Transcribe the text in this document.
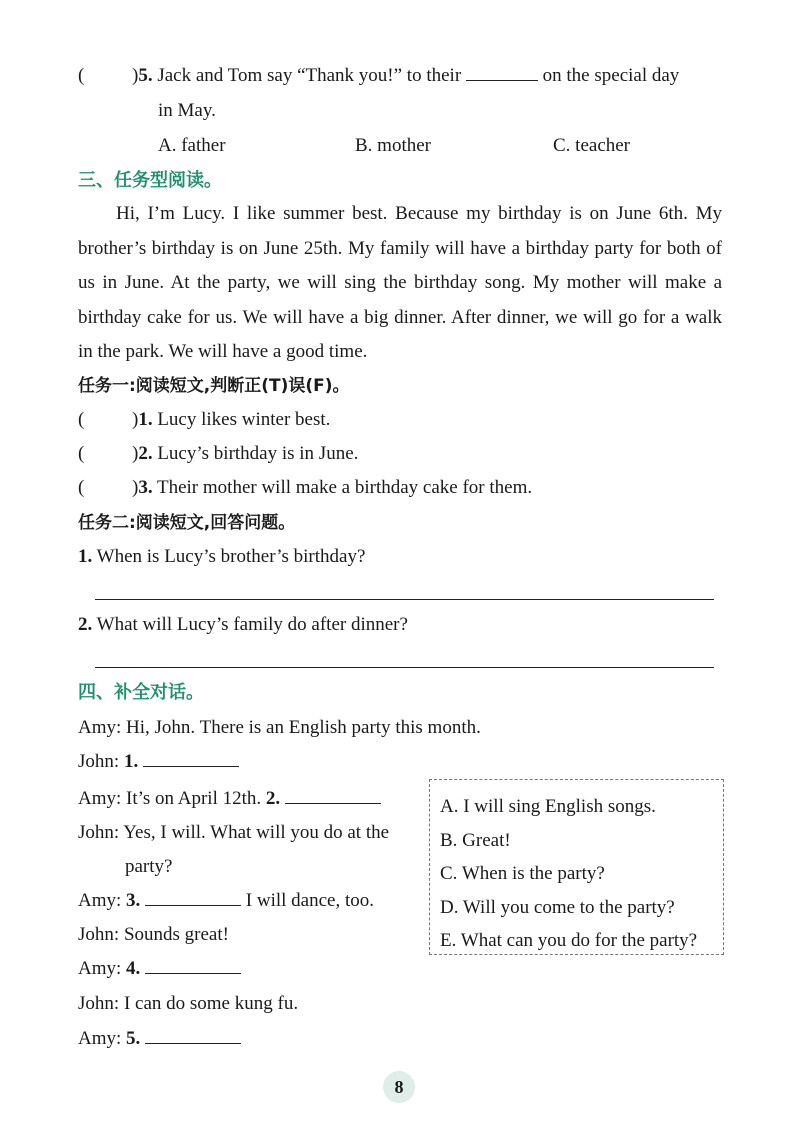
(	)5. Jack and Tom say “Thank you!” to their	on the special day
in May.
A. father	B. mother	C. teacher
三、任务型阅读。
Hi, I’m Lucy. I like summer best. Because my birthday is on June 6th. My brother’s birthday is on June 25th. My family will have a birthday party for both of us in June. At the party, we will sing the birthday song. My mother will make a birthday cake for us. We will have a big dinner. After dinner, we will go for a walk in the park. We will have a good time.
任务一:阅读短文,判断正(T)误(F)。
(	)1. Lucy likes winter best.
(	)2. Lucy’s birthday is in June.
(	)3. Their mother will make a birthday cake for them.
任务二:阅读短文,回答问题。
1. When is Lucy’s brother’s birthday?
2. What will Lucy’s family do after dinner?
四、补全对话。
Amy: Hi, John. There is an English party this month.
John: 1.
Amy: It’s on April 12th. 2.
John: Yes, I will. What will you do at the
party?
Amy: 3.	I will dance, too.
John: Sounds great!
Amy: 4.
John: I can do some kung fu.
Amy: 5.
A. I will sing English songs.
B. Great!
C. When is the party?
D. Will you come to the party?
E. What can you do for the party?
8
